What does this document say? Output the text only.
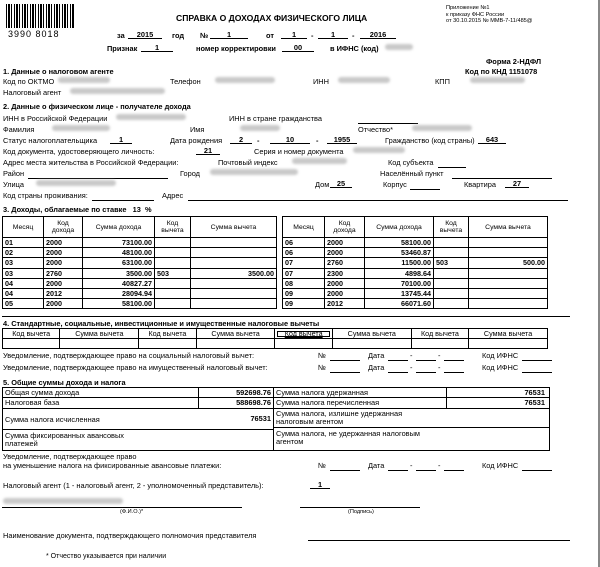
3990 8018
Приложение №1
к приказу ФНС России
от 30.10.2015 № ММВ-7-11/485@
СПРАВКА О ДОХОДАХ ФИЗИЧЕСКОГО ЛИЦА
за	2015	год №	1	от	1	-	1	-	2016
Признак	1	номер корректировки	00	в ИФНС (код)
Форма 2-НДФЛ
Код по КНД 1151078
1. Данные о налоговом агенте
Код по ОКТМО	Телефон	ИНН	КПП
Налоговый агент
2. Данные о физическом лице - получателе дохода
ИНН в Российской Федерации	ИНН в стране гражданства
Фамилия	Имя	Отчество*
Статус налогоплательщика	1	Дата рождения	2	-	10	-	1955	Гражданство (код страны)	643
Код документа, удостоверяющего личность:	21	Серия и номер документа
Адрес места жительства в Российской Федерации:	Почтовый индекс	Код субъекта
Район	Город	Населённый пункт
Улица	Дом	25	Корпус	Квартира	27
Код страны проживания:	Адрес
3. Доходы, облагаемые по ставке 13 %
Месяц	Код дохода	Сумма дохода	Код вычета	Сумма вычета
01	2000	73100.00		
02	2000	48100.00		
03	2000	63100.00		
03	2760	3500.00	503	3500.00
04	2000	40827.27		
04	2012	28094.94		
05	2000	58100.00		
Месяц	Код дохода	Сумма дохода	Код вычета	Сумма вычета
06	2000	58100.00		
06	2000	53460.87		
07	2760	11500.00	503	500.00
07	2300	4898.64		
08	2000	70100.00		
09	2000	13745.44		
09	2012	66071.60		
4. Стандартные, социальные, инвестиционные и имущественные налоговые вычеты
Код вычета	Сумма вычета	Код вычета	Сумма вычета	Код вычета	Сумма вычета	Код вычета	Сумма вычета

Уведомление, подтверждающее право на социальный налоговый вычет:
Уведомление, подтверждающее право на имущественный налоговый вычет:
№	Дата	-	-	Код ИФНС
№	Дата	-	-	Код ИФНС
№	Дата	-	-	Код ИФНС
5. Общие суммы дохода и налога
Общая сумма дохода	592698.76
Налоговая база	588698.76
Сумма налога исчисленная	76531
Сумма фиксированных авансовых платежей
Сумма налога удержанная	76531
Сумма налога перечисленная	76531
Сумма налога, излишне удержанная налоговым агентом
Сумма налога, не удержанная налоговым агентом
Уведомление, подтверждающее право
на уменьшение налога на фиксированные авансовые платежи:
Налоговый агент (1 - налоговый агент, 2 - уполномоченный представитель):	1
(Ф.И.О.)*	(Подпись)
Наименование документа, подтверждающего полномочия представителя
* Отчество указывается при наличии
